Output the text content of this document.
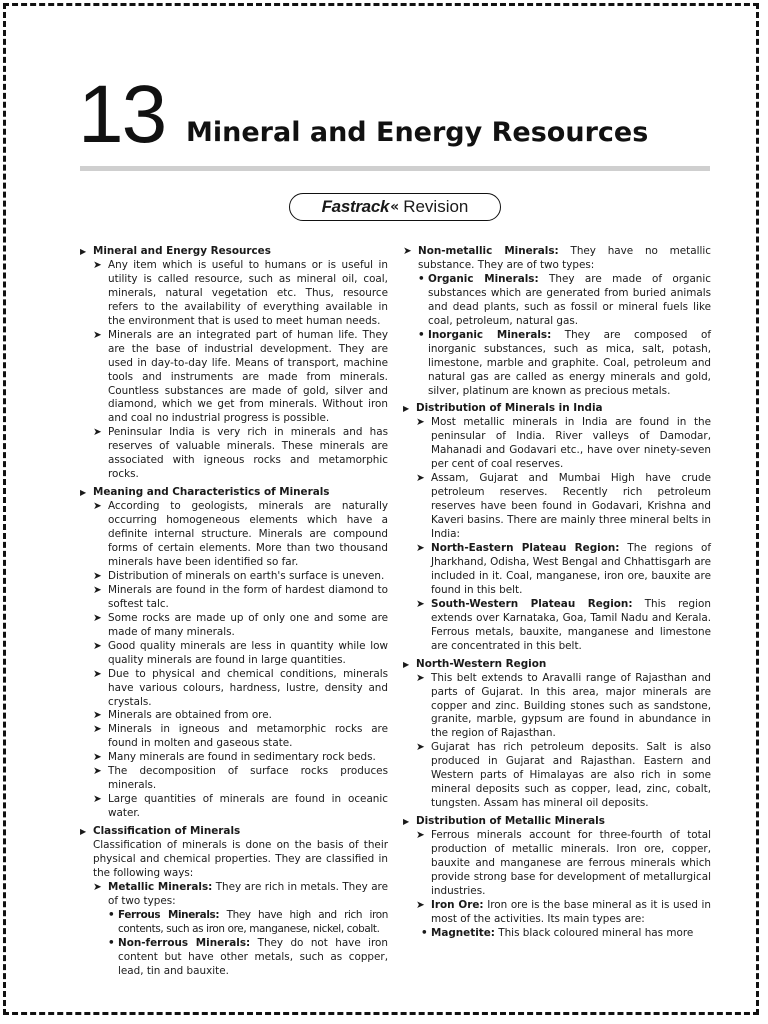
13 Mineral and Energy Resources
Fastrack « Revision
▶ Mineral and Energy Resources
➤ Any item which is useful to humans or is useful in utility is called resource, such as mineral oil, coal, minerals, natural vegetation etc. Thus, resource refers to the availability of everything available in the environment that is used to meet human needs.
➤ Minerals are an integrated part of human life. They are the base of industrial development. They are used in day-to-day life. Means of transport, machine tools and instruments are made from minerals. Countless substances are made of gold, silver and diamond, which we get from minerals. Without iron and coal no industrial progress is possible.
➤ Peninsular India is very rich in minerals and has reserves of valuable minerals. These minerals are associated with igneous rocks and metamorphic rocks.
▶ Meaning and Characteristics of Minerals
➤ According to geologists, minerals are naturally occurring homogeneous elements which have a definite internal structure. Minerals are compound forms of certain elements. More than two thousand minerals have been identified so far.
➤ Distribution of minerals on earth's surface is uneven.
➤ Minerals are found in the form of hardest diamond to softest talc.
➤ Some rocks are made up of only one and some are made of many minerals.
➤ Good quality minerals are less in quantity while low quality minerals are found in large quantities.
➤ Due to physical and chemical conditions, minerals have various colours, hardness, lustre, density and crystals.
➤ Minerals are obtained from ore.
➤ Minerals in igneous and metamorphic rocks are found in molten and gaseous state.
➤ Many minerals are found in sedimentary rock beds.
➤ The decomposition of surface rocks produces minerals.
➤ Large quantities of minerals are found in oceanic water.
▶ Classification of Minerals
Classification of minerals is done on the basis of their physical and chemical properties. They are classified in the following ways:
➤ Metallic Minerals: They are rich in metals. They are of two types:
• Ferrous Minerals: They have high and rich iron contents, such as iron ore, manganese, nickel, cobalt.
• Non-ferrous Minerals: They do not have iron content but have other metals, such as copper, lead, tin and bauxite.
➤ Non-metallic Minerals: They have no metallic substance. They are of two types:
• Organic Minerals: They are made of organic substances which are generated from buried animals and dead plants, such as fossil or mineral fuels like coal, petroleum, natural gas.
• Inorganic Minerals: They are composed of inorganic substances, such as mica, salt, potash, limestone, marble and graphite. Coal, petroleum and natural gas are called as energy minerals and gold, silver, platinum are known as precious metals.
▶ Distribution of Minerals in India
➤ Most metallic minerals in India are found in the peninsular of India. River valleys of Damodar, Mahanadi and Godavari etc., have over ninety-seven per cent of coal reserves.
➤ Assam, Gujarat and Mumbai High have crude petroleum reserves. Recently rich petroleum reserves have been found in Godavari, Krishna and Kaveri basins. There are mainly three mineral belts in India:
➤ North-Eastern Plateau Region: The regions of Jharkhand, Odisha, West Bengal and Chhattisgarh are included in it. Coal, manganese, iron ore, bauxite are found in this belt.
➤ South-Western Plateau Region: This region extends over Karnataka, Goa, Tamil Nadu and Kerala. Ferrous metals, bauxite, manganese and limestone are concentrated in this belt.
▶ North-Western Region
➤ This belt extends to Aravalli range of Rajasthan and parts of Gujarat. In this area, major minerals are copper and zinc. Building stones such as sandstone, granite, marble, gypsum are found in abundance in the region of Rajasthan.
➤ Gujarat has rich petroleum deposits. Salt is also produced in Gujarat and Rajasthan. Eastern and Western parts of Himalayas are also rich in some mineral deposits such as copper, lead, zinc, cobalt, tungsten. Assam has mineral oil deposits.
▶ Distribution of Metallic Minerals
➤ Ferrous minerals account for three-fourth of total production of metallic minerals. Iron ore, copper, bauxite and manganese are ferrous minerals which provide strong base for development of metallurgical industries.
➤ Iron Ore: Iron ore is the base mineral as it is used in most of the activities. Its main types are:
• Magnetite: This black coloured mineral has more
